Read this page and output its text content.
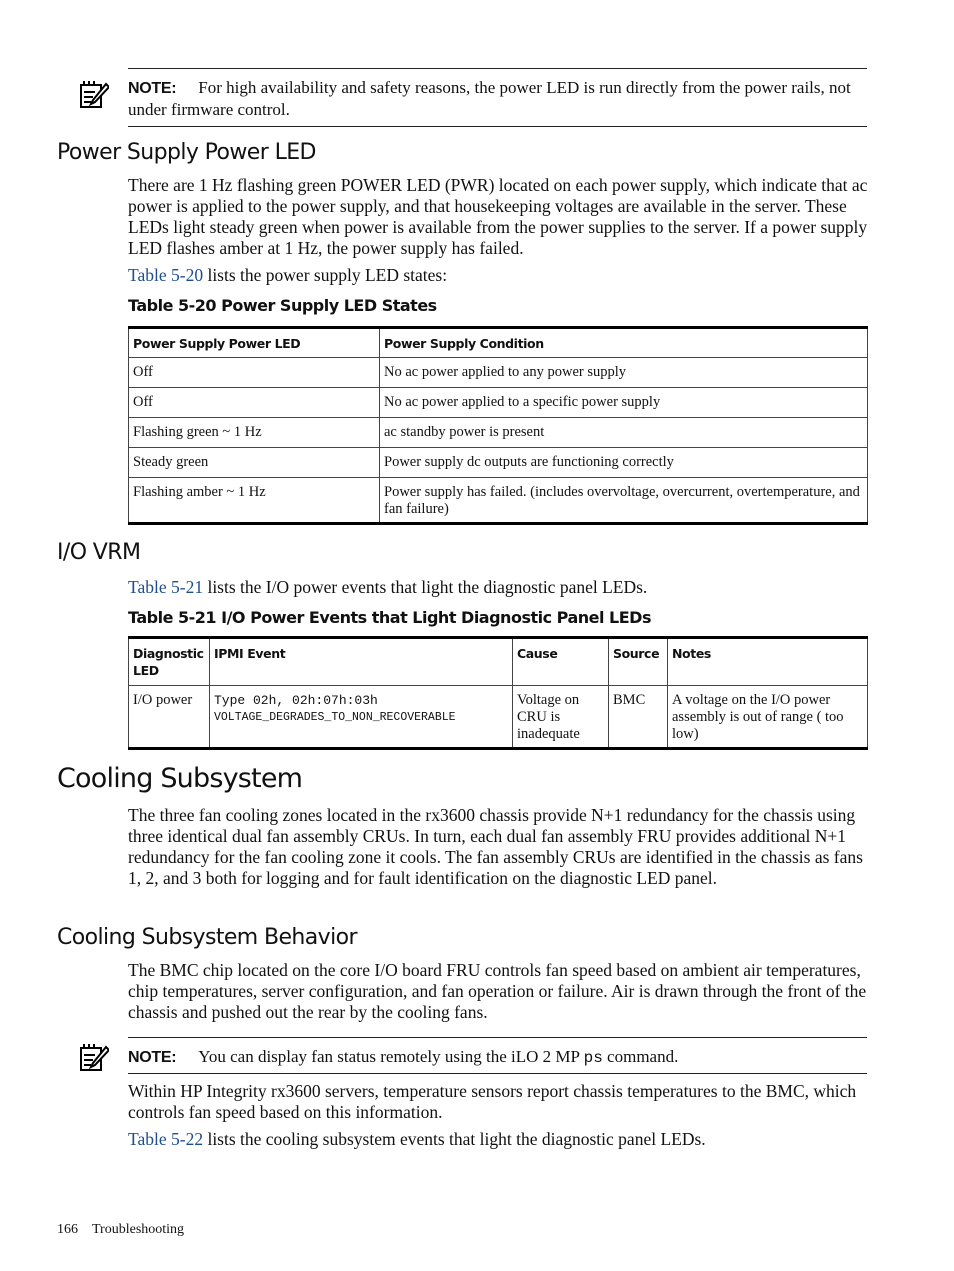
NOTE: For high availability and safety reasons, the power LED is run directly from the power rails, not under firmware control.
Power Supply Power LED
There are 1 Hz flashing green POWER LED (PWR) located on each power supply, which indicate that ac power is applied to the power supply, and that housekeeping voltages are available in the server. These LEDs light steady green when power is available from the power supplies to the server. If a power supply LED flashes amber at 1 Hz, the power supply has failed.
Table 5-20 lists the power supply LED states:
Table 5-20 Power Supply LED States
Power Supply Power LED	Power Supply Condition
Off	No ac power applied to any power supply
Off	No ac power applied to a specific power supply
Flashing green ~ 1 Hz	ac standby power is present
Steady green	Power supply dc outputs are functioning correctly
Flashing amber ~ 1 Hz	Power supply has failed. (includes overvoltage, overcurrent, overtemperature, and fan failure)
I/O VRM
Table 5-21 lists the I/O power events that light the diagnostic panel LEDs.
Table 5-21 I/O Power Events that Light Diagnostic Panel LEDs
Diagnostic LED	IPMI Event	Cause	Source	Notes
I/O power	Type 02h, 02h:07h:03h
VOLTAGE_DEGRADES_TO_NON_RECOVERABLE	Voltage on CRU is inadequate	BMC	A voltage on the I/O power assembly is out of range ( too low)
Cooling Subsystem
The three fan cooling zones located in the rx3600 chassis provide N+1 redundancy for the chassis using three identical dual fan assembly CRUs. In turn, each dual fan assembly FRU provides additional N+1 redundancy for the fan cooling zone it cools. The fan assembly CRUs are identified in the chassis as fans 1, 2, and 3 both for logging and for fault identification on the diagnostic LED panel.
Cooling Subsystem Behavior
The BMC chip located on the core I/O board FRU controls fan speed based on ambient air temperatures, chip temperatures, server configuration, and fan operation or failure. Air is drawn through the front of the chassis and pushed out the rear by the cooling fans.
NOTE: You can display fan status remotely using the iLO 2 MP ps command.
Within HP Integrity rx3600 servers, temperature sensors report chassis temperatures to the BMC, which controls fan speed based on this information.
Table 5-22 lists the cooling subsystem events that light the diagnostic panel LEDs.
166 Troubleshooting
